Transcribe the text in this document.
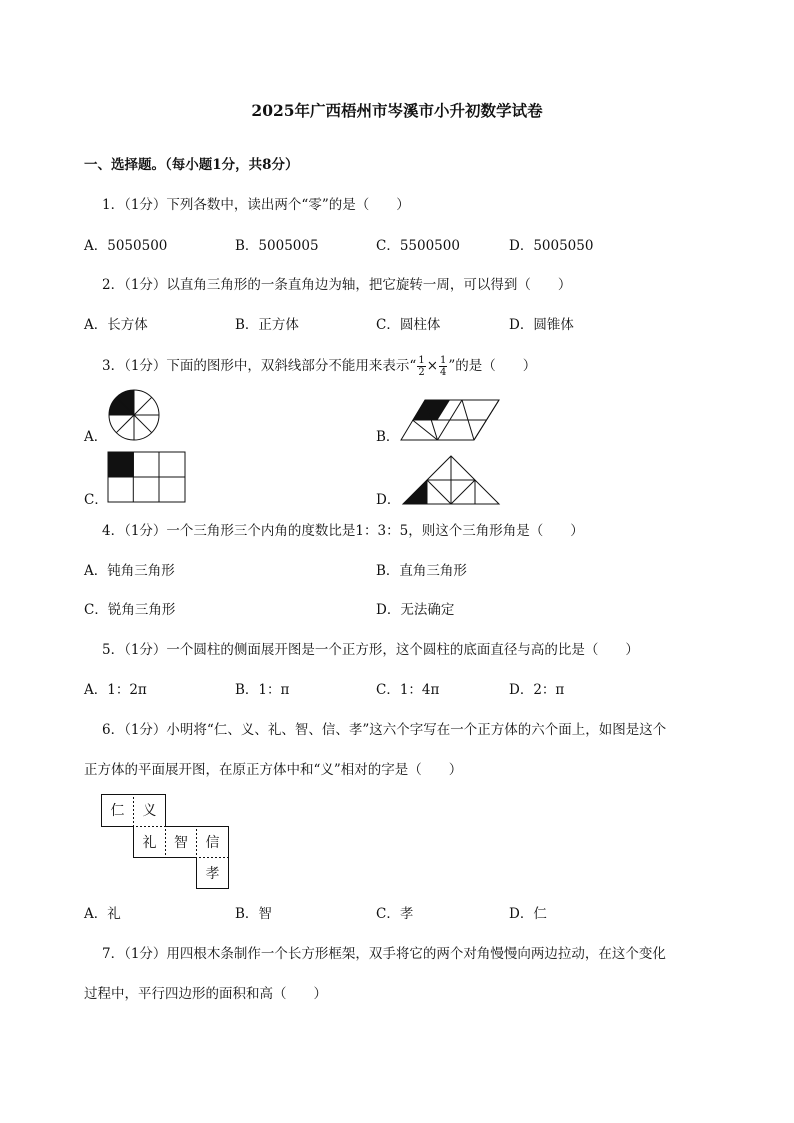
2025年广西梧州市岑溪市小升初数学试卷
一、选择题。（每小题1分，共8分）
1．（1分）下列各数中，读出两个“零”的是（　　）
A．5050500	B．5005005	C．5500500	D．5005050
2．（1分）以直角三角形的一条直角边为轴，把它旋转一周，可以得到（　　）
A．长方体	B．正方体	C．圆柱体	D．圆锥体
3．（1分）下面的图形中，双斜线部分不能用来表示“ $\frac{1}{2} \times \frac{1}{4}$ ”的是（　　）
A．	B．
C．	D．
4．（1分）一个三角形三个内角的度数比是1：3：5，则这个三角形角是（　　）
A．钝角三角形	B．直角三角形
C．锐角三角形	D．无法确定
5．（1分）一个圆柱的侧面展开图是一个正方形，这个圆柱的底面直径与高的比是（　　）
A．1：2π	B．1：π	C．1：4π	D．2：π
6．（1分）小明将“仁、义、礼、智、信、孝”这六个字写在一个正方体的六个面上，如图是这个
正方体的平面展开图，在原正方体中和“义”相对的字是（　　）
仁 义
礼 智 信
孝
A．礼	B．智	C．孝	D．仁
7．（1分）用四根木条制作一个长方形框架，双手将它的两个对角慢慢向两边拉动，在这个变化
过程中，平行四边形的面积和高（　　）
